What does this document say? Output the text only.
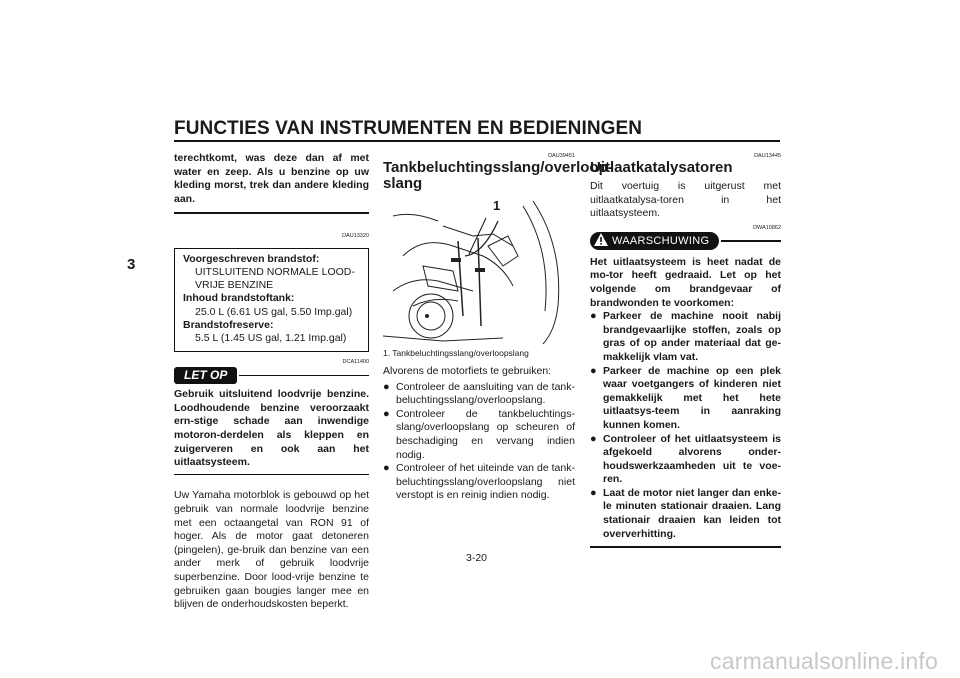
FUNCTIES VAN INSTRUMENTEN EN BEDIENINGEN
3

terechtkomt, was deze dan af met water en zeep. Als u benzine op uw kleding morst, trek dan andere kleding aan.

DAU13320

Voorgeschreven brandstof:
UITSLUITEND NORMALE LOOD-VRIJE BENZINE
Inhoud brandstoftank:
25.0 L (6.61 US gal, 5.50 Imp.gal)
Brandstofreserve:
5.5 L (1.45 US gal, 1.21 Imp.gal)

DCA11400

LET OP

Gebruik uitsluitend loodvrije benzine. Loodhoudende benzine veroorzaakt ern-stige schade aan inwendige motoron-derdelen als kleppen en zuigerveren en ook aan het uitlaatsysteem.

Uw Yamaha motorblok is gebouwd op het gebruik van normale loodvrije benzine met een octaangetal van RON 91 of hoger. Als de motor gaat detoneren (pingelen), ge-bruik dan benzine van een ander merk of gebruik loodvrije superbenzine. Door lood-vrije benzine te gebruiken gaan bougies langer mee en blijven de onderhoudskosten beperkt.

DAU39451

Tankbeluchtingsslang/overloop-slang
1

1. Tankbeluchtingsslang/overloopslang

Alvorens de motorfiets te gebruiken:

● Controleer de aansluiting van de tank-beluchtingsslang/overloopslang.
● Controleer de tankbeluchtings-slang/overloopslang op scheuren of beschadiging en vervang indien nodig.
● Controleer of het uiteinde van de tank-beluchtingsslang/overloopslang niet verstopt is en reinig indien nodig.

DAU13445

Uitlaatkatalysatoren

Dit voertuig is uitgerust met uitlaatkatalysa-toren in het uitlaatsysteem.

DWA10862

WAARSCHUWING

Het uitlaatsysteem is heet nadat de mo-tor heeft gedraaid. Let op het volgende om brandgevaar of brandwonden te voorkomen:

● Parkeer de machine nooit nabij brandgevaarlijke stoffen, zoals op gras of op ander materiaal dat ge-makkelijk vlam vat.
● Parkeer de machine op een plek waar voetgangers of kinderen niet gemakkelijk met het hete uitlaatsys-teem in aanraking kunnen komen.
● Controleer of het uitlaatsysteem is afgekoeld alvorens onder-houdswerkzaamheden uit te voe-ren.
● Laat de motor niet langer dan enke-le minuten stationair draaien. Lang stationair draaien kan leiden tot oververhitting.
3-20
carmanualsonline.info
